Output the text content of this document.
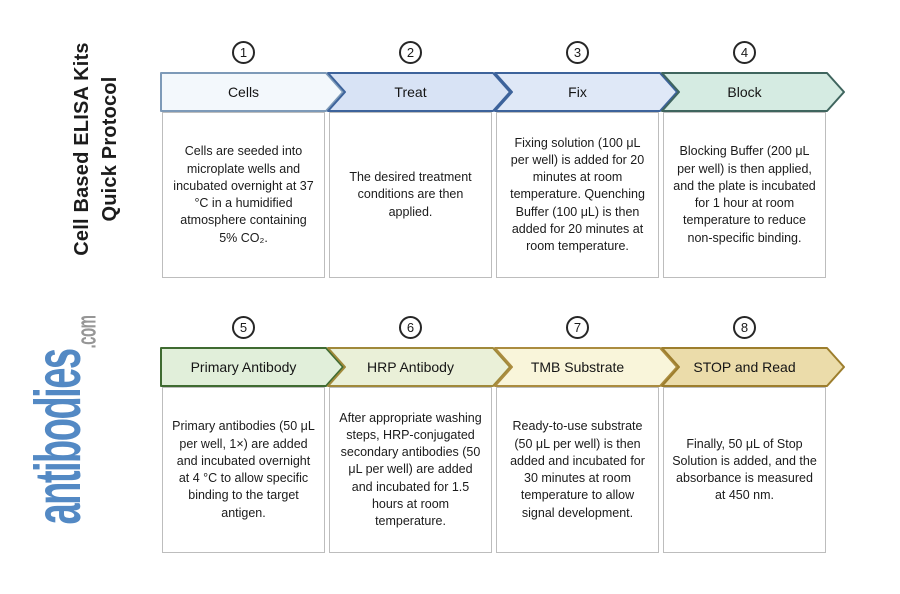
Cell Based ELISA Kits Quick Protocol
antibodies
.com
1
Cells
Cells are seeded into microplate wells and incubated overnight at 37 °C in a humidified atmosphere containing 5% CO₂.
2
Treat
The desired treatment conditions are then applied.
3
Fix
Fixing solution (100 μL per well) is added for 20 minutes at room temperature. Quenching Buffer (100 μL) is then added for 20 minutes at room temperature.
4
Block
Blocking Buffer (200 μL per well) is then applied, and the plate is incubated for 1 hour at room temperature to reduce non-specific binding.
5
Primary Antibody
Primary antibodies (50 μL per well, 1×) are added and incubated overnight at 4 °C to allow specific binding to the target antigen.
6
HRP Antibody
After appropriate washing steps, HRP-conjugated secondary antibodies (50 μL per well) are added and incubated for 1.5 hours at room temperature.
7
TMB Substrate
Ready-to-use substrate (50 μL per well) is then added and incubated for 30 minutes at room temperature to allow signal development.
8
STOP and Read
Finally, 50 μL of Stop Solution is added, and the absorbance is measured at 450 nm.
